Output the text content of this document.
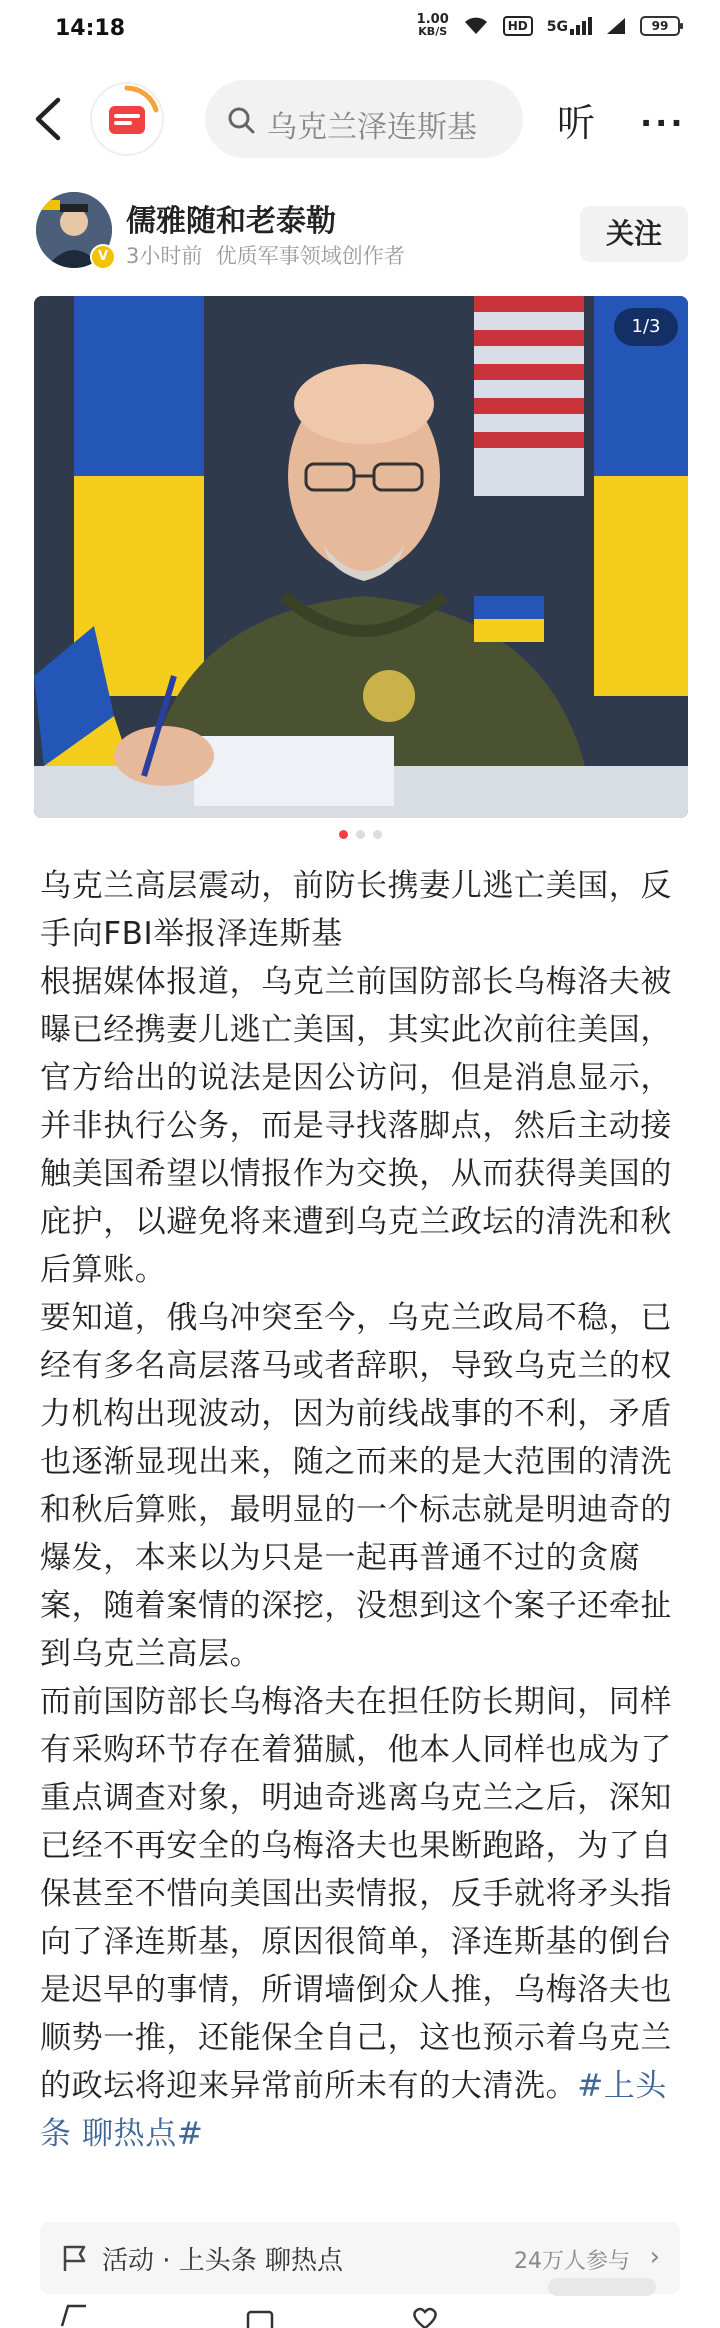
14:18	1.00
KB/S	HD	5G	99
乌克兰泽连斯基	听 ···
V
儒雅随和老泰勒
3小时前 优质军事领域创作者
关注
1/3

乌克兰高层震动，前防长携妻儿逃亡美国，反手向FBI举报泽连斯基

根据媒体报道，乌克兰前国防部长乌梅洛夫被曝已经携妻儿逃亡美国，其实此次前往美国，官方给出的说法是因公访问，但是消息显示，并非执行公务，而是寻找落脚点，然后主动接触美国希望以情报作为交换，从而获得美国的庇护，以避免将来遭到乌克兰政坛的清洗和秋后算账。

要知道，俄乌冲突至今，乌克兰政局不稳，已经有多名高层落马或者辞职，导致乌克兰的权力机构出现波动，因为前线战事的不利，矛盾也逐渐显现出来，随之而来的是大范围的清洗和秋后算账，最明显的一个标志就是明迪奇的爆发，本来以为只是一起再普通不过的贪腐案，随着案情的深挖，没想到这个案子还牵扯到乌克兰高层。

而前国防部长乌梅洛夫在担任防长期间，同样有采购环节存在着猫腻，他本人同样也成为了重点调查对象，明迪奇逃离乌克兰之后，深知已经不再安全的乌梅洛夫也果断跑路，为了自保甚至不惜向美国出卖情报，反手就将矛头指向了泽连斯基，原因很简单，泽连斯基的倒台是迟早的事情，所谓墙倒众人推，乌梅洛夫也顺势一推，还能保全自己，这也预示着乌克兰的政坛将迎来异常前所未有的大清洗。#上头条 聊热点#

活动 · 上头条 聊热点	24万人参与 ›
